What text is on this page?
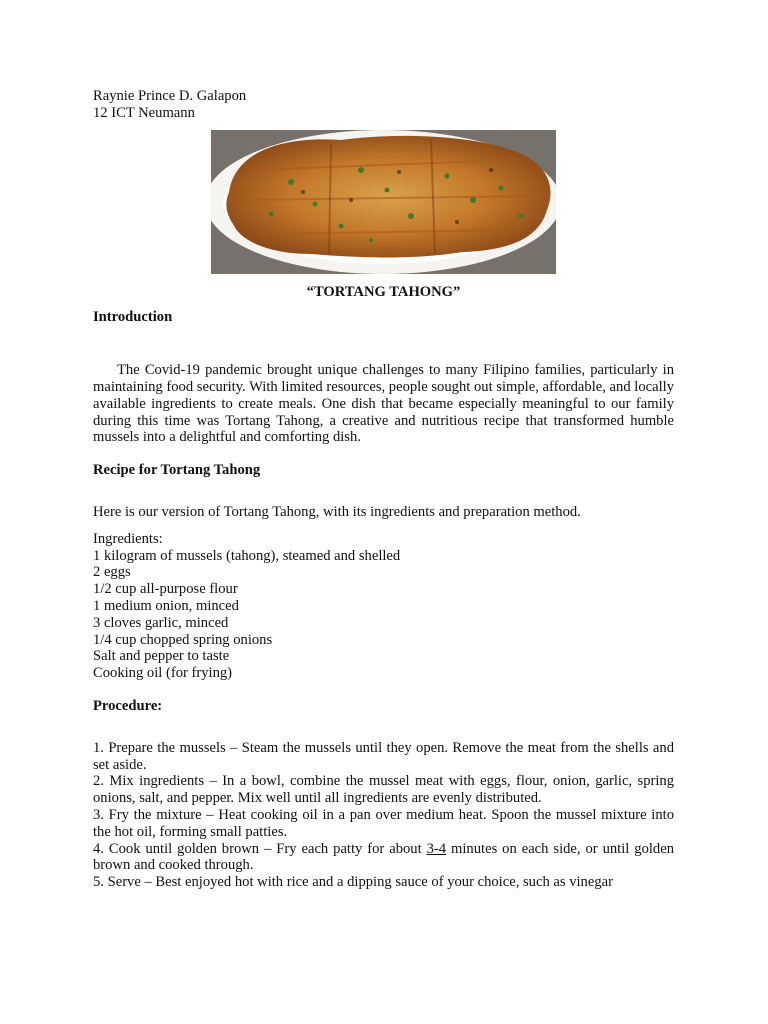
Raynie Prince D. Galapon
12 ICT Neumann
“TORTANG TAHONG”
Introduction
The Covid-19 pandemic brought unique challenges to many Filipino families, particularly in maintaining food security. With limited resources, people sought out simple, affordable, and locally available ingredients to create meals. One dish that became especially meaningful to our family during this time was Tortang Tahong, a creative and nutritious recipe that transformed humble mussels into a delightful and comforting dish.
Recipe for Tortang Tahong
Here is our version of Tortang Tahong, with its ingredients and preparation method.
Ingredients:
1 kilogram of mussels (tahong), steamed and shelled
2 eggs
1/2 cup all-purpose flour
1 medium onion, minced
3 cloves garlic, minced
1/4 cup chopped spring onions
Salt and pepper to taste
Cooking oil (for frying)
Procedure:
1. Prepare the mussels – Steam the mussels until they open. Remove the meat from the shells and set aside.
2. Mix ingredients – In a bowl, combine the mussel meat with eggs, flour, onion, garlic, spring onions, salt, and pepper. Mix well until all ingredients are evenly distributed.
3. Fry the mixture – Heat cooking oil in a pan over medium heat. Spoon the mussel mixture into the hot oil, forming small patties.
4. Cook until golden brown – Fry each patty for about 3-4 minutes on each side, or until golden brown and cooked through.
5. Serve – Best enjoyed hot with rice and a dipping sauce of your choice, such as vinegar
